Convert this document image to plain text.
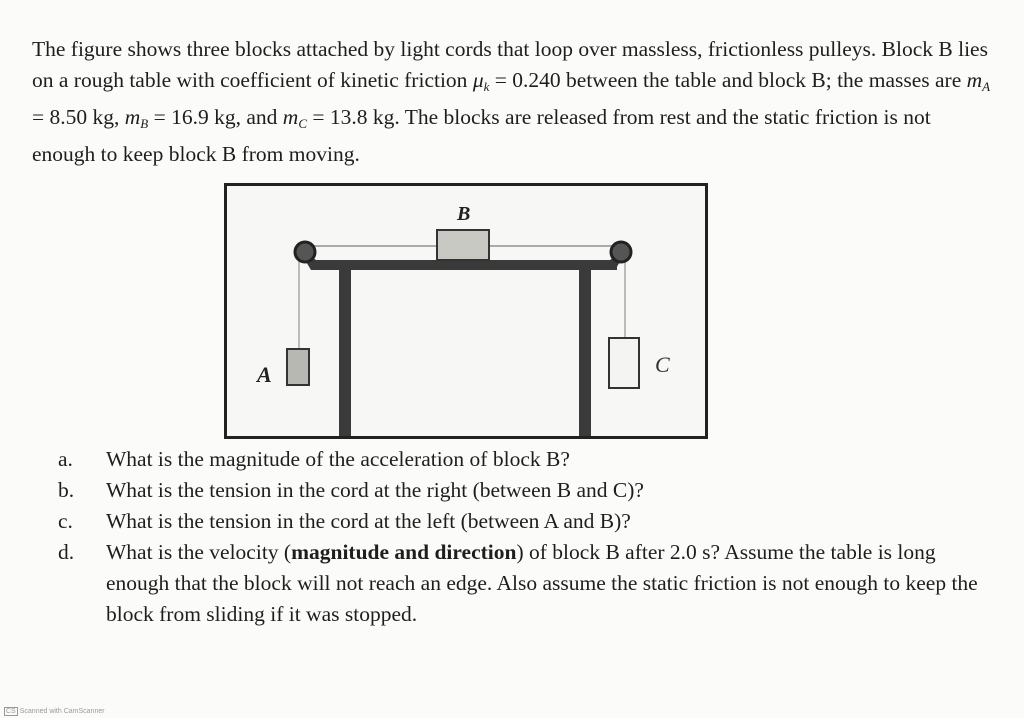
The figure shows three blocks attached by light cords that loop over massless, frictionless pulleys. Block B lies on a rough table with coefficient of kinetic friction $\mu_k = 0.240$ between the table and block B; the masses are $m_A = 8.50$ kg, $m_B = 16.9$ kg, and $m_C = 13.8$ kg. The blocks are released from rest and the static friction is not enough to keep block B from moving.

B
A	C
a. What is the magnitude of the acceleration of block B?
b. What is the tension in the cord at the right (between B and C)?
c. What is the tension in the cord at the left (between A and B)?
d. What is the velocity (magnitude and direction) of block B after 2.0 s? Assume the table is long enough that the block will not reach an edge. Also assume the static friction is not enough to keep the block from sliding if it was stopped.
CS Scanned with CamScanner
